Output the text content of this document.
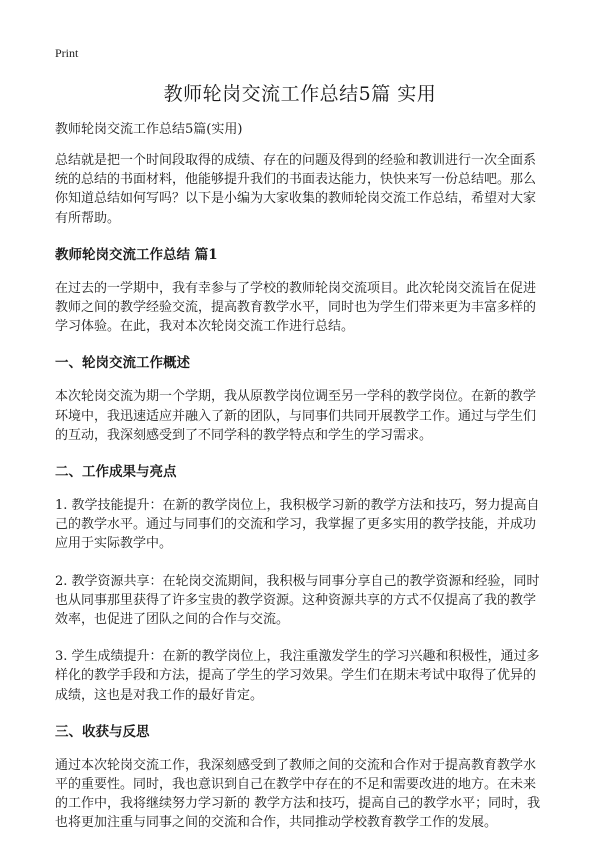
Print
教师轮岗交流工作总结5篇 实用
教师轮岗交流工作总结5篇(实用)

总结就是把一个时间段取得的成绩、存在的问题及得到的经验和教训进行一次全面系统的总结的书面材料，他能够提升我们的书面表达能力，快快来写一份总结吧。那么你知道总结如何写吗？以下是小编为大家收集的教师轮岗交流工作总结，希望对大家有所帮助。

教师轮岗交流工作总结 篇1

在过去的一学期中，我有幸参与了学校的教师轮岗交流项目。此次轮岗交流旨在促进教师之间的教学经验交流，提高教育教学水平，同时也为学生们带来更为丰富多样的学习体验。在此，我对本次轮岗交流工作进行总结。

一、轮岗交流工作概述

本次轮岗交流为期一个学期，我从原教学岗位调至另一学科的教学岗位。在新的教学环境中，我迅速适应并融入了新的团队，与同事们共同开展教学工作。通过与学生们的互动，我深刻感受到了不同学科的教学特点和学生的学习需求。

二、工作成果与亮点

1. 教学技能提升：在新的教学岗位上，我积极学习新的教学方法和技巧，努力提高自己的教学水平。通过与同事们的交流和学习，我掌握了更多实用的教学技能，并成功应用于实际教学中。

2. 教学资源共享：在轮岗交流期间，我积极与同事分享自己的教学资源和经验，同时也从同事那里获得了许多宝贵的教学资源。这种资源共享的方式不仅提高了我的教学效率，也促进了团队之间的合作与交流。

3. 学生成绩提升：在新的教学岗位上，我注重激发学生的学习兴趣和积极性，通过多样化的教学手段和方法，提高了学生的学习效果。学生们在期末考试中取得了优异的成绩，这也是对我工作的最好肯定。

三、收获与反思

通过本次轮岗交流工作，我深刻感受到了教师之间的交流和合作对于提高教育教学水平的重要性。同时，我也意识到自己在教学中存在的不足和需要改进的地方。在未来的工作中，我将继续努力学习新的 教学方法和技巧，提高自己的教学水平；同时，我也将更加注重与同事之间的交流和合作，共同推动学校教育教学工作的发展。
